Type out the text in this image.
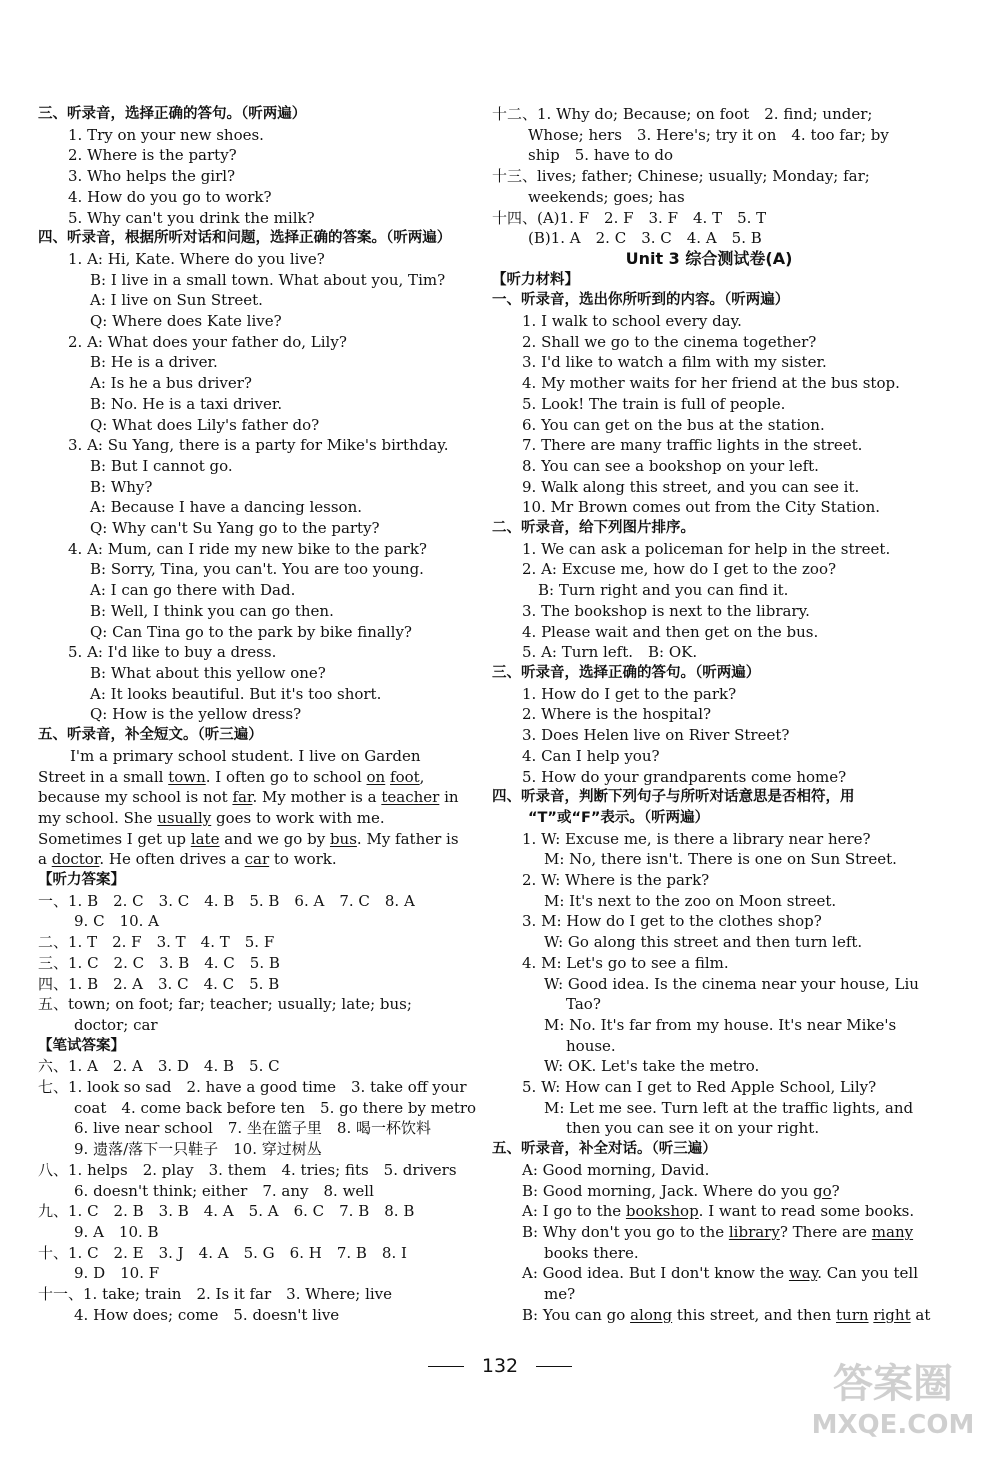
三、听录音，选择正确的答句。（听两遍）
1. Try on your new shoes.
2. Where is the party?
3. Who helps the girl?
4. How do you go to work?
5. Why can't you drink the milk?
四、听录音，根据所听对话和问题，选择正确的答案。（听两遍）
1. A: Hi, Kate. Where do you live?
B: I live in a small town. What about you, Tim?
A: I live on Sun Street.
Q: Where does Kate live?
2. A: What does your father do, Lily?
B: He is a driver.
A: Is he a bus driver?
B: No. He is a taxi driver.
Q: What does Lily's father do?
3. A: Su Yang, there is a party for Mike's birthday.
B: But I cannot go.
B: Why?
A: Because I have a dancing lesson.
Q: Why can't Su Yang go to the party?
4. A: Mum, can I ride my new bike to the park?
B: Sorry, Tina, you can't. You are too young.
A: I can go there with Dad.
B: Well, I think you can go then.
Q: Can Tina go to the park by bike finally?
5. A: I'd like to buy a dress.
B: What about this yellow one?
A: It looks beautiful. But it's too short.
Q: How is the yellow dress?
五、听录音，补全短文。（听三遍）
I'm a primary school student. I live on Garden
Street in a small town. I often go to school on foot,
because my school is not far. My mother is a teacher in
my school. She usually goes to work with me.
Sometimes I get up late and we go by bus. My father is
a doctor. He often drives a car to work.
【听力答案】
一、1. B　2. C　3. C　4. B　5. B　6. A　7. C　8. A
9. C　10. A
二、1. T　2. F　3. T　4. T　5. F
三、1. C　2. C　3. B　4. C　5. B
四、1. B　2. A　3. C　4. C　5. B
五、town; on foot; far; teacher; usually; late; bus;
doctor; car
【笔试答案】
六、1. A　2. A　3. D　4. B　5. C
七、1. look so sad　2. have a good time　3. take off your
coat　4. come back before ten　5. go there by metro
6. live near school　7. 坐在篮子里　8. 喝一杯饮料
9. 遗落/落下一只鞋子　10. 穿过树丛
八、1. helps　2. play　3. them　4. tries; fits　5. drivers
6. doesn't think; either　7. any　8. well
九、1. C　2. B　3. B　4. A　5. A　6. C　7. B　8. B
9. A　10. B
十、1. C　2. E　3. J　4. A　5. G　6. H　7. B　8. I
9. D　10. F
十一、1. take; train　2. Is it far　3. Where; live
4. How does; come　5. doesn't live
十二、1. Why do; Because; on foot　2. find; under;
Whose; hers　3. Here's; try it on　4. too far; by
ship　5. have to do
十三、lives; father; Chinese; usually; Monday; far;
weekends; goes; has
十四、(A)1. F　2. F　3. F　4. T　5. T
(B)1. A　2. C　3. C　4. A　5. B
Unit 3 综合测试卷(A)
【听力材料】
一、听录音，选出你所听到的内容。（听两遍）
1. I walk to school every day.
2. Shall we go to the cinema together?
3. I'd like to watch a film with my sister.
4. My mother waits for her friend at the bus stop.
5. Look! The train is full of people.
6. You can get on the bus at the station.
7. There are many traffic lights in the street.
8. You can see a bookshop on your left.
9. Walk along this street, and you can see it.
10. Mr Brown comes out from the City Station.
二、听录音，给下列图片排序。
1. We can ask a policeman for help in the street.
2. A: Excuse me, how do I get to the zoo?
B: Turn right and you can find it.
3. The bookshop is next to the library.
4. Please wait and then get on the bus.
5. A: Turn left.　B: OK.
三、听录音，选择正确的答句。（听两遍）
1. How do I get to the park?
2. Where is the hospital?
3. Does Helen live on River Street?
4. Can I help you?
5. How do your grandparents come home?
四、听录音，判断下列句子与所听对话意思是否相符，用
“T”或“F”表示。（听两遍）
1. W: Excuse me, is there a library near here?
M: No, there isn't. There is one on Sun Street.
2. W: Where is the park?
M: It's next to the zoo on Moon street.
3. M: How do I get to the clothes shop?
W: Go along this street and then turn left.
4. M: Let's go to see a film.
W: Good idea. Is the cinema near your house, Liu
Tao?
M: No. It's far from my house. It's near Mike's
house.
W: OK. Let's take the metro.
5. W: How can I get to Red Apple School, Lily?
M: Let me see. Turn left at the traffic lights, and
then you can see it on your right.
五、听录音，补全对话。（听三遍）
A: Good morning, David.
B: Good morning, Jack. Where do you go?
A: I go to the bookshop. I want to read some books.
B: Why don't you go to the library? There are many
books there.
A: Good idea. But I don't know the way. Can you tell
me?
B: You can go along this street, and then turn right at
132	答案圈
MXQE.COM
